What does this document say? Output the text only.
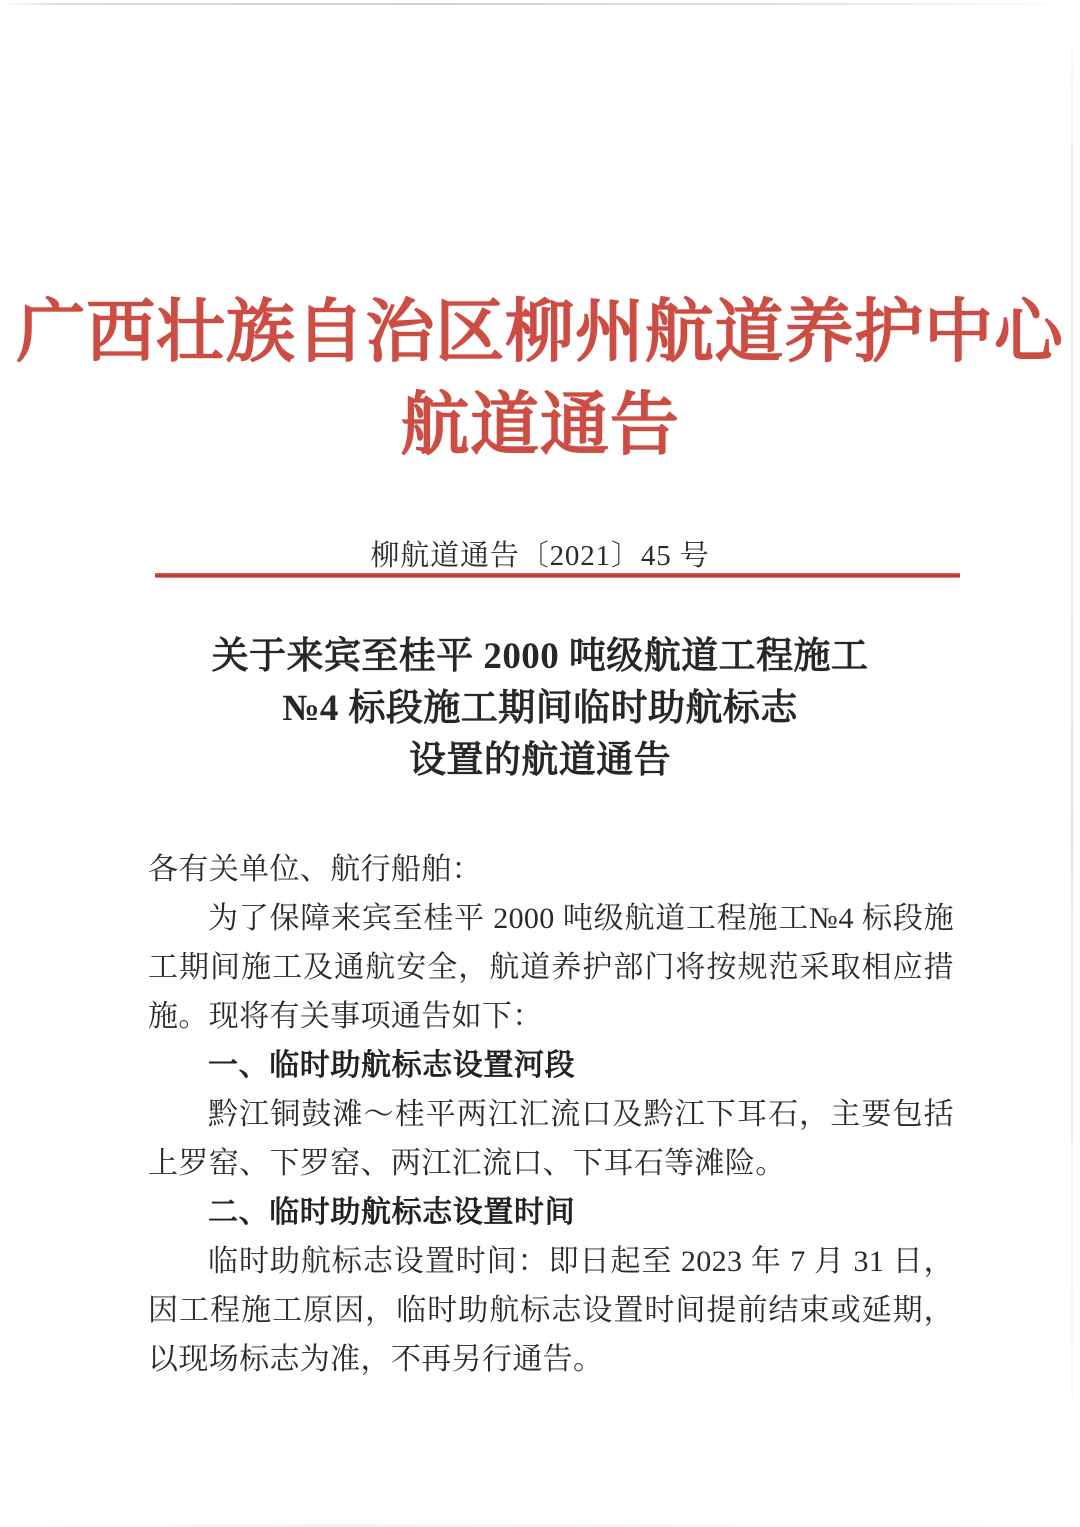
广西壮族自治区柳州航道养护中心
航道通告
柳航道通告〔2021〕45 号
关于来宾至桂平 2000 吨级航道工程施工
№4 标段施工期间临时助航标志
设置的航道通告

各有关单位、航行船舶：

为了保障来宾至桂平 2000 吨级航道工程施工№4 标段施工期间施工及通航安全，航道养护部门将按规范采取相应措施。现将有关事项通告如下：

一、临时助航标志设置河段

黔江铜鼓滩～桂平两江汇流口及黔江下耳石，主要包括上罗窑、下罗窑、两江汇流口、下耳石等滩险。

二、临时助航标志设置时间

临时助航标志设置时间：即日起至 2023 年 7 月 31 日，因工程施工原因，临时助航标志设置时间提前结束或延期，以现场标志为准，不再另行通告。
